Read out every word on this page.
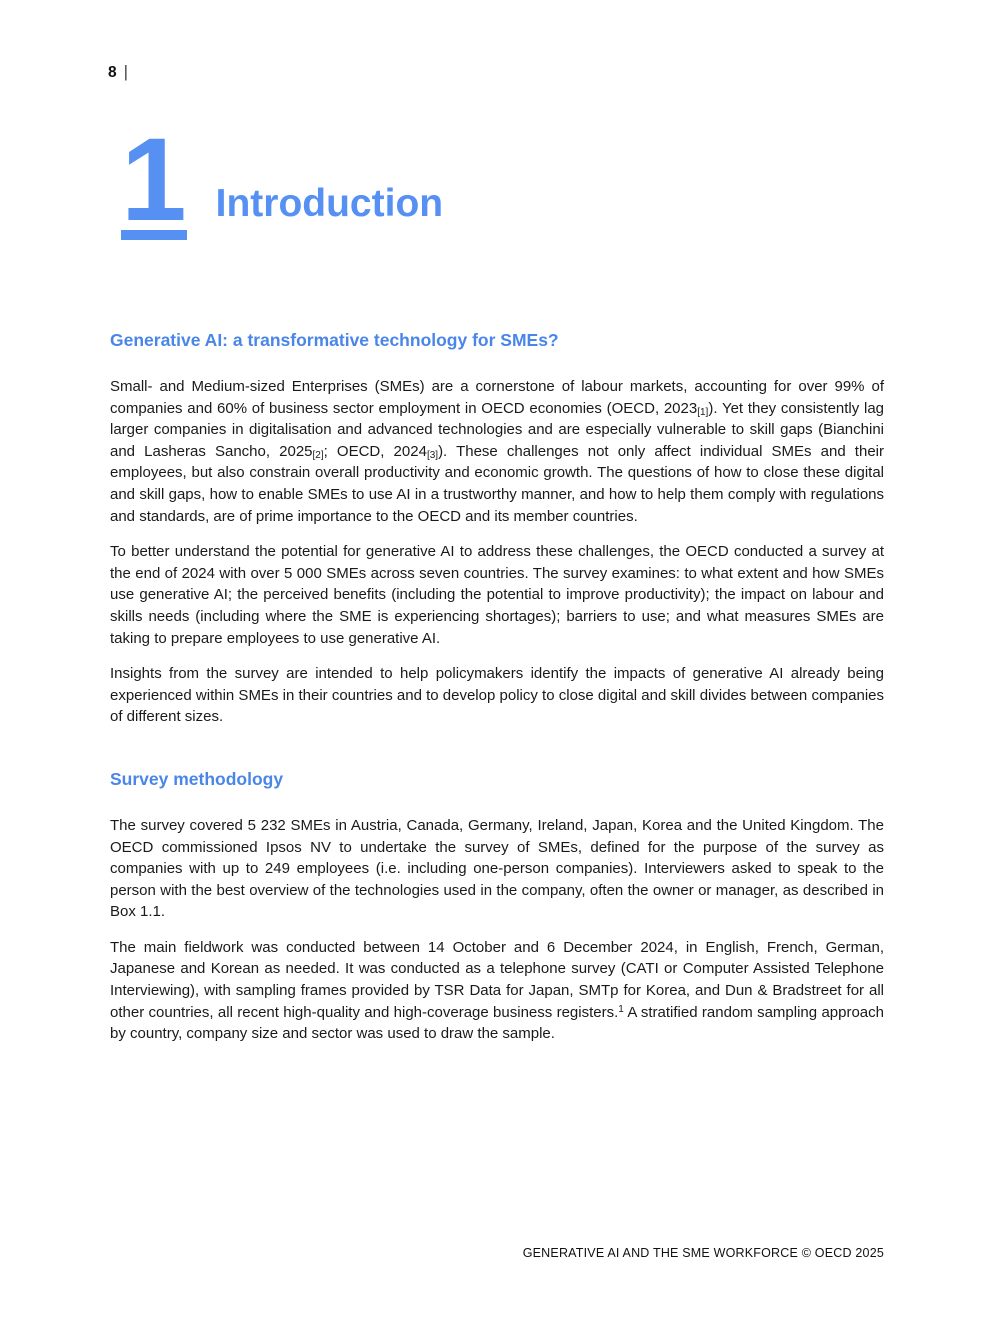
8 |
1 Introduction
Generative AI: a transformative technology for SMEs?

Small- and Medium-sized Enterprises (SMEs) are a cornerstone of labour markets, accounting for over 99% of companies and 60% of business sector employment in OECD economies (OECD, $2023_{[1]}$). Yet they consistently lag larger companies in digitalisation and advanced technologies and are especially vulnerable to skill gaps (Bianchini and Lasheras Sancho, $2025_{[2]}$; OECD, $2024_{[3]}$). These challenges not only affect individual SMEs and their employees, but also constrain overall productivity and economic growth. The questions of how to close these digital and skill gaps, how to enable SMEs to use AI in a trustworthy manner, and how to help them comply with regulations and standards, are of prime importance to the OECD and its member countries.

To better understand the potential for generative AI to address these challenges, the OECD conducted a survey at the end of 2024 with over 5 000 SMEs across seven countries. The survey examines: to what extent and how SMEs use generative AI; the perceived benefits (including the potential to improve productivity); the impact on labour and skills needs (including where the SME is experiencing shortages); barriers to use; and what measures SMEs are taking to prepare employees to use generative AI.

Insights from the survey are intended to help policymakers identify the impacts of generative AI already being experienced within SMEs in their countries and to develop policy to close digital and skill divides between companies of different sizes.

Survey methodology

The survey covered 5 232 SMEs in Austria, Canada, Germany, Ireland, Japan, Korea and the United Kingdom. The OECD commissioned Ipsos NV to undertake the survey of SMEs, defined for the purpose of the survey as companies with up to 249 employees (i.e. including one-person companies). Interviewers asked to speak to the person with the best overview of the technologies used in the company, often the owner or manager, as described in Box 1.1.

The main fieldwork was conducted between 14 October and 6 December 2024, in English, French, German, Japanese and Korean as needed. It was conducted as a telephone survey (CATI or Computer Assisted Telephone Interviewing), with sampling frames provided by TSR Data for Japan, SMTp for Korea, and Dun & Bradstreet for all other countries, all recent high-quality and high-coverage business registers.$^1$ A stratified random sampling approach by country, company size and sector was used to draw the sample.

GENERATIVE AI AND THE SME WORKFORCE © OECD 2025
